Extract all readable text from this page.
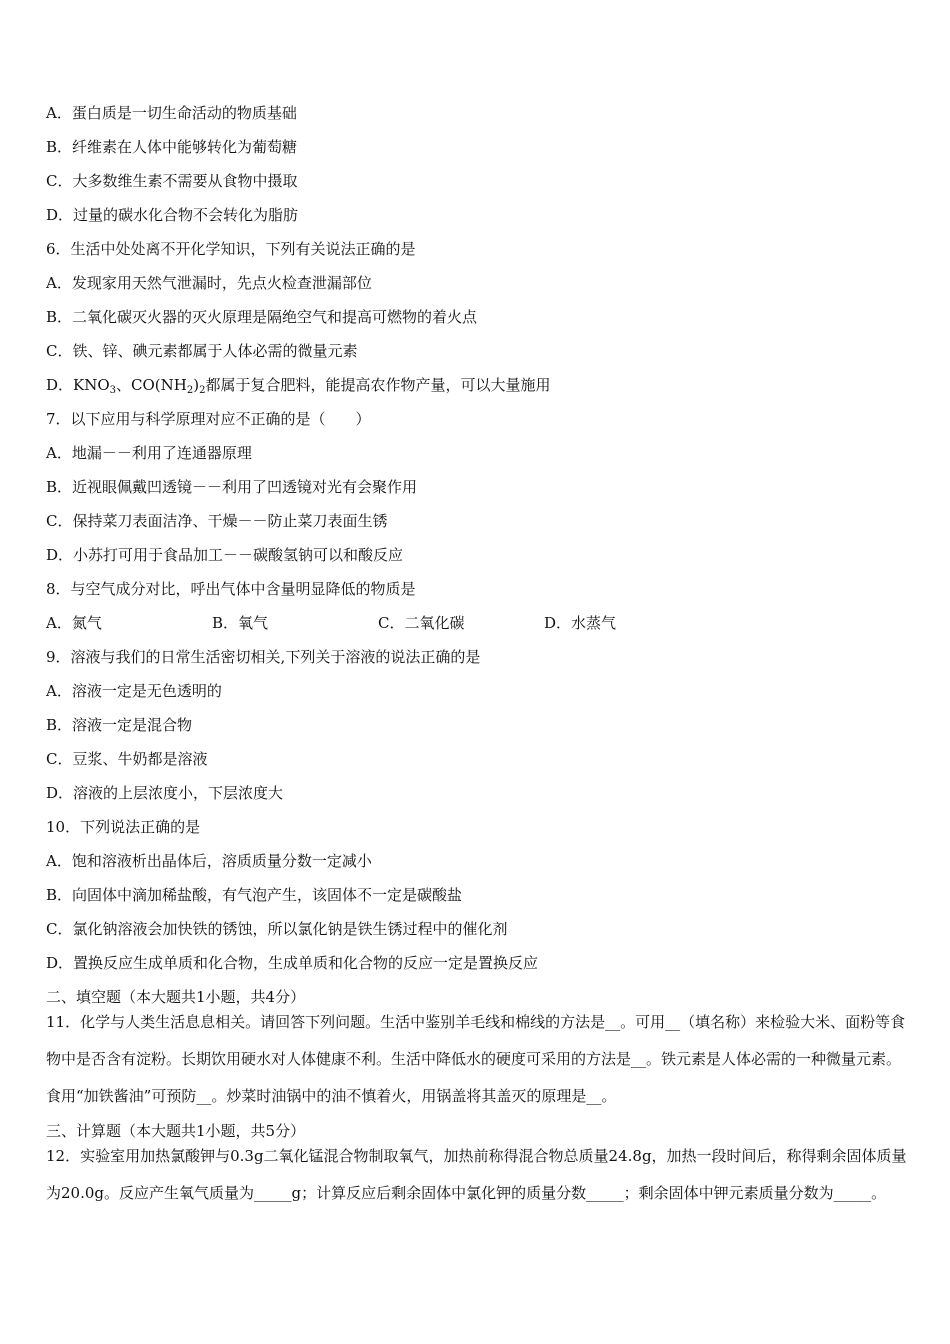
A．蛋白质是一切生命活动的物质基础
B．纤维素在人体中能够转化为葡萄糖
C．大多数维生素不需要从食物中摄取
D．过量的碳水化合物不会转化为脂肪
6．生活中处处离不开化学知识，下列有关说法正确的是
A．发现家用天然气泄漏时，先点火检查泄漏部位
B．二氧化碳灭火器的灭火原理是隔绝空气和提高可燃物的着火点
C．铁、锌、碘元素都属于人体必需的微量元素
D．$KNO_3$、$CO(NH_2)_2$都属于复合肥料，能提高农作物产量，可以大量施用
7．以下应用与科学原理对应不正确的是（　　）
A．地漏－－利用了连通器原理
B．近视眼佩戴凹透镜－－利用了凹透镜对光有会聚作用
C．保持菜刀表面洁净、干燥－－防止菜刀表面生锈
D．小苏打可用于食品加工－－碳酸氢钠可以和酸反应
8．与空气成分对比，呼出气体中含量明显降低的物质是
A．氮气	B．氧气	C．二氧化碳	D．水蒸气
9．溶液与我们的日常生活密切相关,下列关于溶液的说法正确的是
A．溶液一定是无色透明的
B．溶液一定是混合物
C．豆浆、牛奶都是溶液
D．溶液的上层浓度小，下层浓度大
10．下列说法正确的是
A．饱和溶液析出晶体后，溶质质量分数一定减小
B．向固体中滴加稀盐酸，有气泡产生，该固体不一定是碳酸盐
C．氯化钠溶液会加快铁的锈蚀，所以氯化钠是铁生锈过程中的催化剂
D．置换反应生成单质和化合物，生成单质和化合物的反应一定是置换反应
二、填空题（本大题共1小题，共4分）
11．化学与人类生活息息相关。请回答下列问题。生活中鉴别羊毛线和棉线的方法是__。可用__（填名称）来检验大米、面粉等食物中是否含有淀粉。长期饮用硬水对人体健康不利。生活中降低水的硬度可采用的方法是__。铁元素是人体必需的一种微量元素。食用“加铁酱油”可预防__。炒菜时油锅中的油不慎着火，用锅盖将其盖灭的原理是__。
三、计算题（本大题共1小题，共5分）
12．实验室用加热氯酸钾与0.3g二氧化锰混合物制取氧气，加热前称得混合物总质量24.8g，加热一段时间后，称得剩余固体质量为20.0g。反应产生氧气质量为_____g；计算反应后剩余固体中氯化钾的质量分数_____；剩余固体中钾元素质量分数为_____。
